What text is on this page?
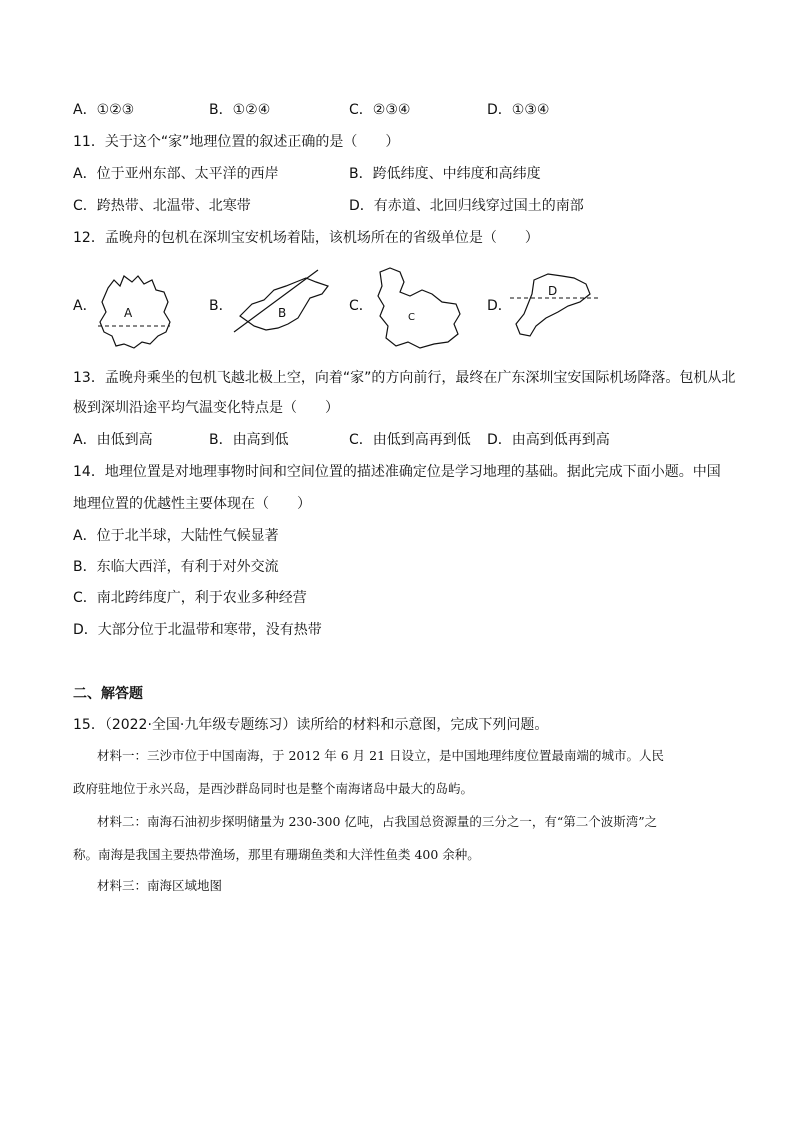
A．①②③	B．①②④	C．②③④	D．①③④
11．关于这个“家”地理位置的叙述正确的是（　　）
A．位于亚州东部、太平洋的西岸	B．跨低纬度、中纬度和高纬度
C．跨热带、北温带、北寒带	D．有赤道、北回归线穿过国土的南部
12．孟晚舟的包机在深圳宝安机场着陆，该机场所在的省级单位是（　　）
A． A	B．	B	C．
C
D．
D
13．孟晚舟乘坐的包机飞越北极上空，向着“家”的方向前行，最终在广东深圳宝安国际机场降落。包机从北
极到深圳沿途平均气温变化特点是（　　）
A．由低到高	B．由高到低	C．由低到高再到低 D．由高到低再到高
14．地理位置是对地理事物时间和空间位置的描述准确定位是学习地理的基础。据此完成下面小题。中国
地理位置的优越性主要体现在（　　）
A．位于北半球，大陆性气候显著
B．东临大西洋，有利于对外交流
C．南北跨纬度广，利于农业多种经营
D．大部分位于北温带和寒带，没有热带
二、解答题
15．（2022·全国·九年级专题练习）读所给的材料和示意图，完成下列问题。
材料一：三沙市位于中国南海，于 2012 年 6 月 21 日设立，是中国地理纬度位置最南端的城市。人民
政府驻地位于永兴岛，是西沙群岛同时也是整个南海诸岛中最大的岛屿。
材料二：南海石油初步探明储量为 230-300 亿吨，占我国总资源量的三分之一，有“第二个波斯湾”之
称。南海是我国主要热带渔场，那里有珊瑚鱼类和大洋性鱼类 400 余种。
材料三：南海区域地图
